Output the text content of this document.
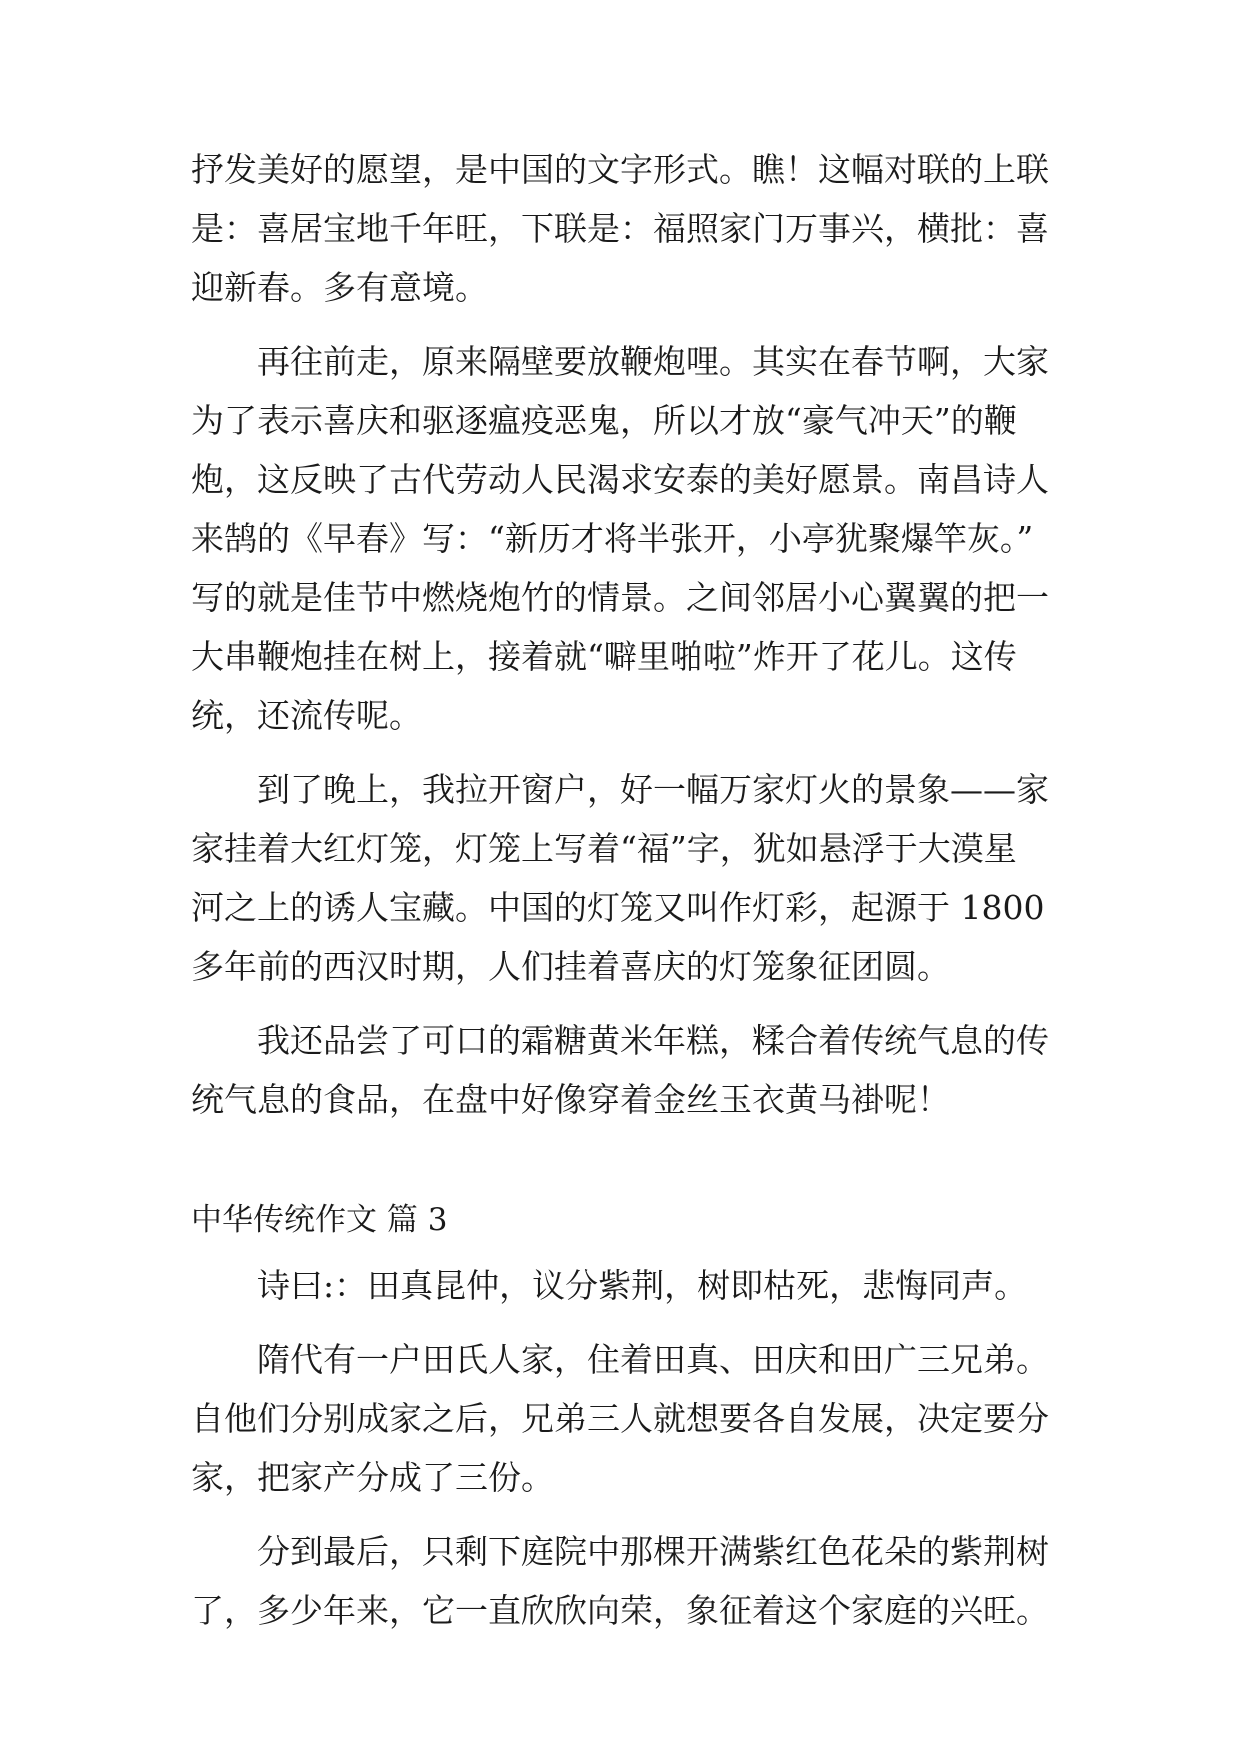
抒发美好的愿望，是中国的文字形式。瞧！这幅对联的上联

是：喜居宝地千年旺，下联是：福照家门万事兴，横批：喜

迎新春。多有意境。

再往前走，原来隔壁要放鞭炮哩。其实在春节啊，大家

为了表示喜庆和驱逐瘟疫恶鬼，所以才放“豪气冲天”的鞭

炮，这反映了古代劳动人民渴求安泰的美好愿景。南昌诗人

来鹄的《早春》写：“新历才将半张开，小亭犹聚爆竿灰。”

写的就是佳节中燃烧炮竹的情景。之间邻居小心翼翼的把一

大串鞭炮挂在树上，接着就“噼里啪啦”炸开了花儿。这传

统，还流传呢。

到了晚上，我拉开窗户，好一幅万家灯火的景象——家

家挂着大红灯笼，灯笼上写着“福”字，犹如悬浮于大漠星

河之上的诱人宝藏。中国的灯笼又叫作灯彩，起源于 1800

多年前的西汉时期，人们挂着喜庆的灯笼象征团圆。

我还品尝了可口的霜糖黄米年糕，糅合着传统气息的传

统气息的食品，在盘中好像穿着金丝玉衣黄马褂呢！

中华传统作文 篇 3

诗曰:：田真昆仲，议分紫荆，树即枯死，悲悔同声。

隋代有一户田氏人家，住着田真、田庆和田广三兄弟。

自他们分别成家之后，兄弟三人就想要各自发展，决定要分

家，把家产分成了三份。

分到最后，只剩下庭院中那棵开满紫红色花朵的紫荆树

了，多少年来，它一直欣欣向荣，象征着这个家庭的兴旺。
